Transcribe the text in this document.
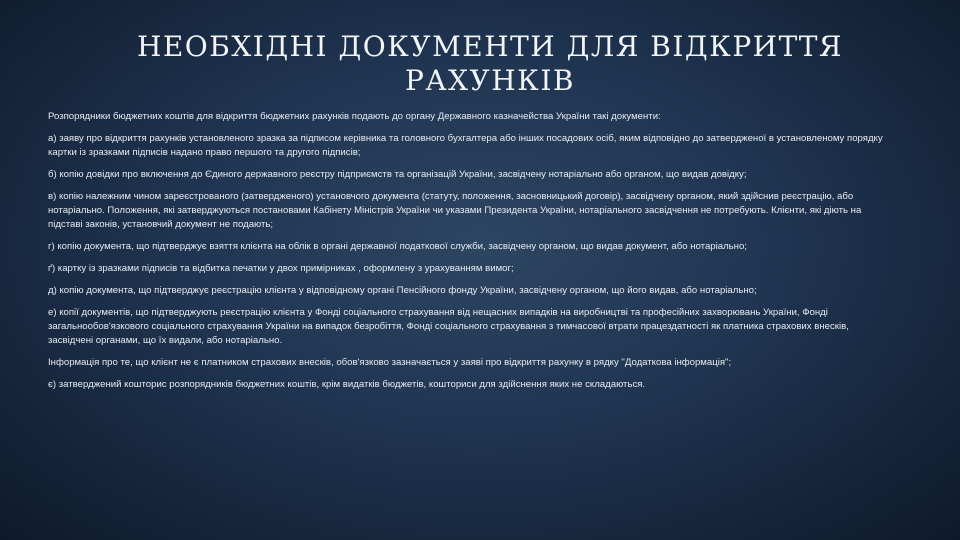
НЕОБХІДНІ ДОКУМЕНТИ ДЛЯ ВІДКРИТТЯ
РАХУНКІВ

Розпорядники бюджетних коштів для відкриття бюджетних рахунків подають до органу Державного казначейства України такі документи:

а) заяву про відкриття рахунків установленого зразка за підписом керівника та головного бухгалтера або інших посадових осіб, яким відповідно до затвердженої в установленому порядку картки із зразками підписів надано право першого та другого підписів;

б) копію довідки про включення до Єдиного державного реєстру підприємств та організацій України, засвідчену нотаріально або органом, що видав довідку;

в) копію належним чином зареєстрованого (затвердженого) установчого документа (статуту, положення, засновницький договір), засвідчену органом, який здійснив реєстрацію, або нотаріально. Положення, які затверджуються постановами Кабінету Міністрів України чи указами Президента України, нотаріального засвідчення не потребують. Клієнти, які діють на підставі законів, установчий документ не подають;

г) копію документа, що підтверджує взяття клієнта на облік в органі державної податкової служби, засвідчену органом, що видав документ, або нотаріально;

ґ) картку із зразками підписів та відбитка печатки у двох примірниках , оформлену з урахуванням вимог;

д) копію документа, що підтверджує реєстрацію клієнта у відповідному органі Пенсійного фонду України, засвідчену органом, що його видав, або нотаріально;

е) копії документів, що підтверджують реєстрацію клієнта у Фонді соціального страхування від нещасних випадків на виробництві та професійних захворювань України, Фонді загальнообов'язкового соціального страхування України на випадок безробіття, Фонді соціального страхування з тимчасової втрати працездатності як платника страхових внесків, засвідчені органами, що їх видали, або нотаріально.

Інформація про те, що клієнт не є платником страхових внесків, обов'язково зазначається у заяві про відкриття рахунку в рядку "Додаткова інформація";

є) затверджений кошторис розпорядників бюджетних коштів, крім видатків бюджетів, кошториси для здійснення яких не складаються.
